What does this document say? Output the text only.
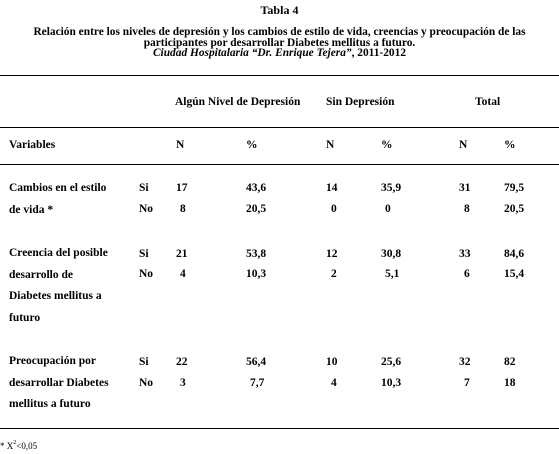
Tabla 4
Relación entre los niveles de depresión y los cambios de estilo de vida, creencias y preocupación de las
participantes por desarrollar Diabetes mellitus a futuro.
Ciudad Hospitalaria “Dr. Enrique Tejera”, 2011-2012
Algún Nivel de Depresión Sin Depresión	Total
Variables	N	%	N	%	N	%
Cambios en el estilo
de vida *
Si 17	43,6	14	35,9	31	79,5
No 8	20,5	0	0	8	20,5
Creencia del posible
desarrollo de
Diabetes mellitus a
futuro
Si 21	53,8	12	30,8	33	84,6
No 4	10,3	2	5,1	6	15,4
Preocupación por
desarrollar Diabetes
mellitus a futuro
Si 22	56,4	10	25,6	32	82
No 3	7,7	4	10,3	7	18
* $X^2<0,05$
